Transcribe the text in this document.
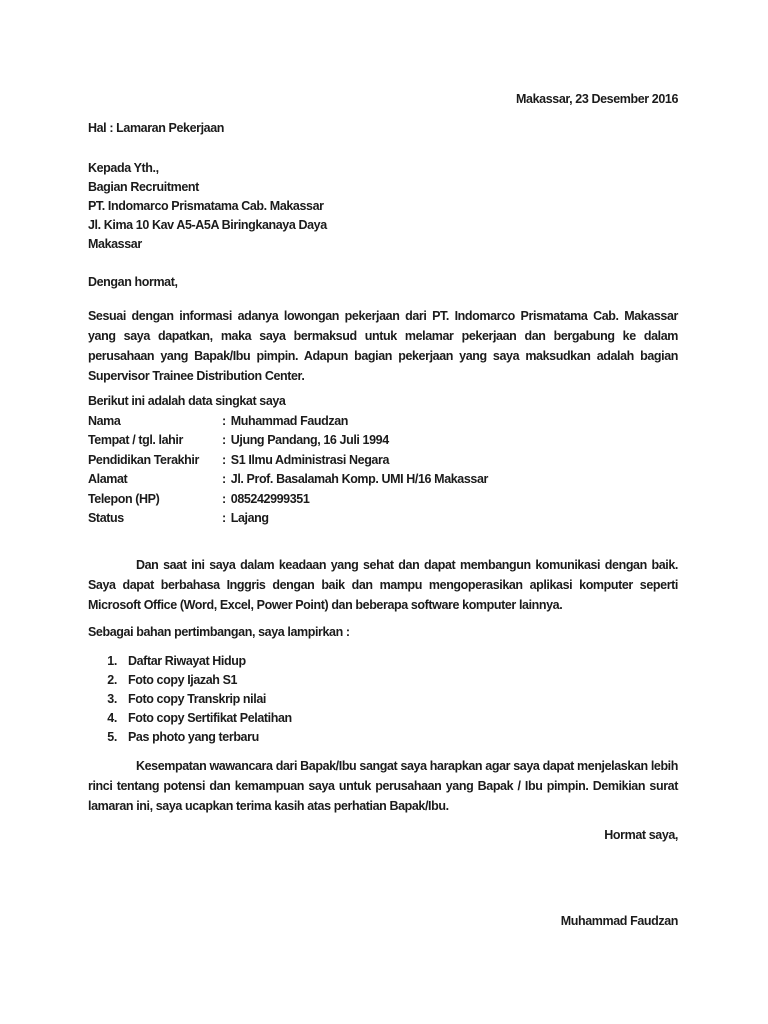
Makassar, 23 Desember 2016

Hal : Lamaran Pekerjaan

Kepada Yth.,

Bagian Recruitment

PT. Indomarco Prismatama Cab. Makassar

Jl. Kima 10 Kav A5-A5A Biringkanaya Daya

Makassar

Dengan hormat,

Sesuai dengan informasi adanya lowongan pekerjaan dari PT. Indomarco Prismatama Cab. Makassar yang saya dapatkan, maka saya bermaksud untuk melamar pekerjaan dan bergabung ke dalam perusahaan yang Bapak/Ibu pimpin. Adapun bagian pekerjaan yang saya maksudkan adalah bagian Supervisor Trainee Distribution Center.

Berikut ini adalah data singkat saya

Nama	: Muhammad Faudzan
Tempat / tgl. lahir	: Ujung Pandang, 16 Juli 1994
Pendidikan Terakhir	: S1 Ilmu Administrasi Negara
Alamat	: Jl. Prof. Basalamah Komp. UMI H/16 Makassar
Telepon (HP)	: 085242999351
Status	: Lajang

Dan saat ini saya dalam keadaan yang sehat dan dapat membangun komunikasi dengan baik. Saya dapat berbahasa Inggris dengan baik dan mampu mengoperasikan aplikasi komputer seperti Microsoft Office (Word, Excel, Power Point) dan beberapa software komputer lainnya.

Sebagai bahan pertimbangan, saya lampirkan :

1. Daftar Riwayat Hidup
2. Foto copy Ijazah S1
3. Foto copy Transkrip nilai
4. Foto copy Sertifikat Pelatihan
5. Pas photo yang terbaru

Kesempatan wawancara dari Bapak/Ibu sangat saya harapkan agar saya dapat menjelaskan lebih rinci tentang potensi dan kemampuan saya untuk perusahaan yang Bapak / Ibu pimpin. Demikian surat lamaran ini, saya ucapkan terima kasih atas perhatian Bapak/Ibu.

Hormat saya,

Muhammad Faudzan
